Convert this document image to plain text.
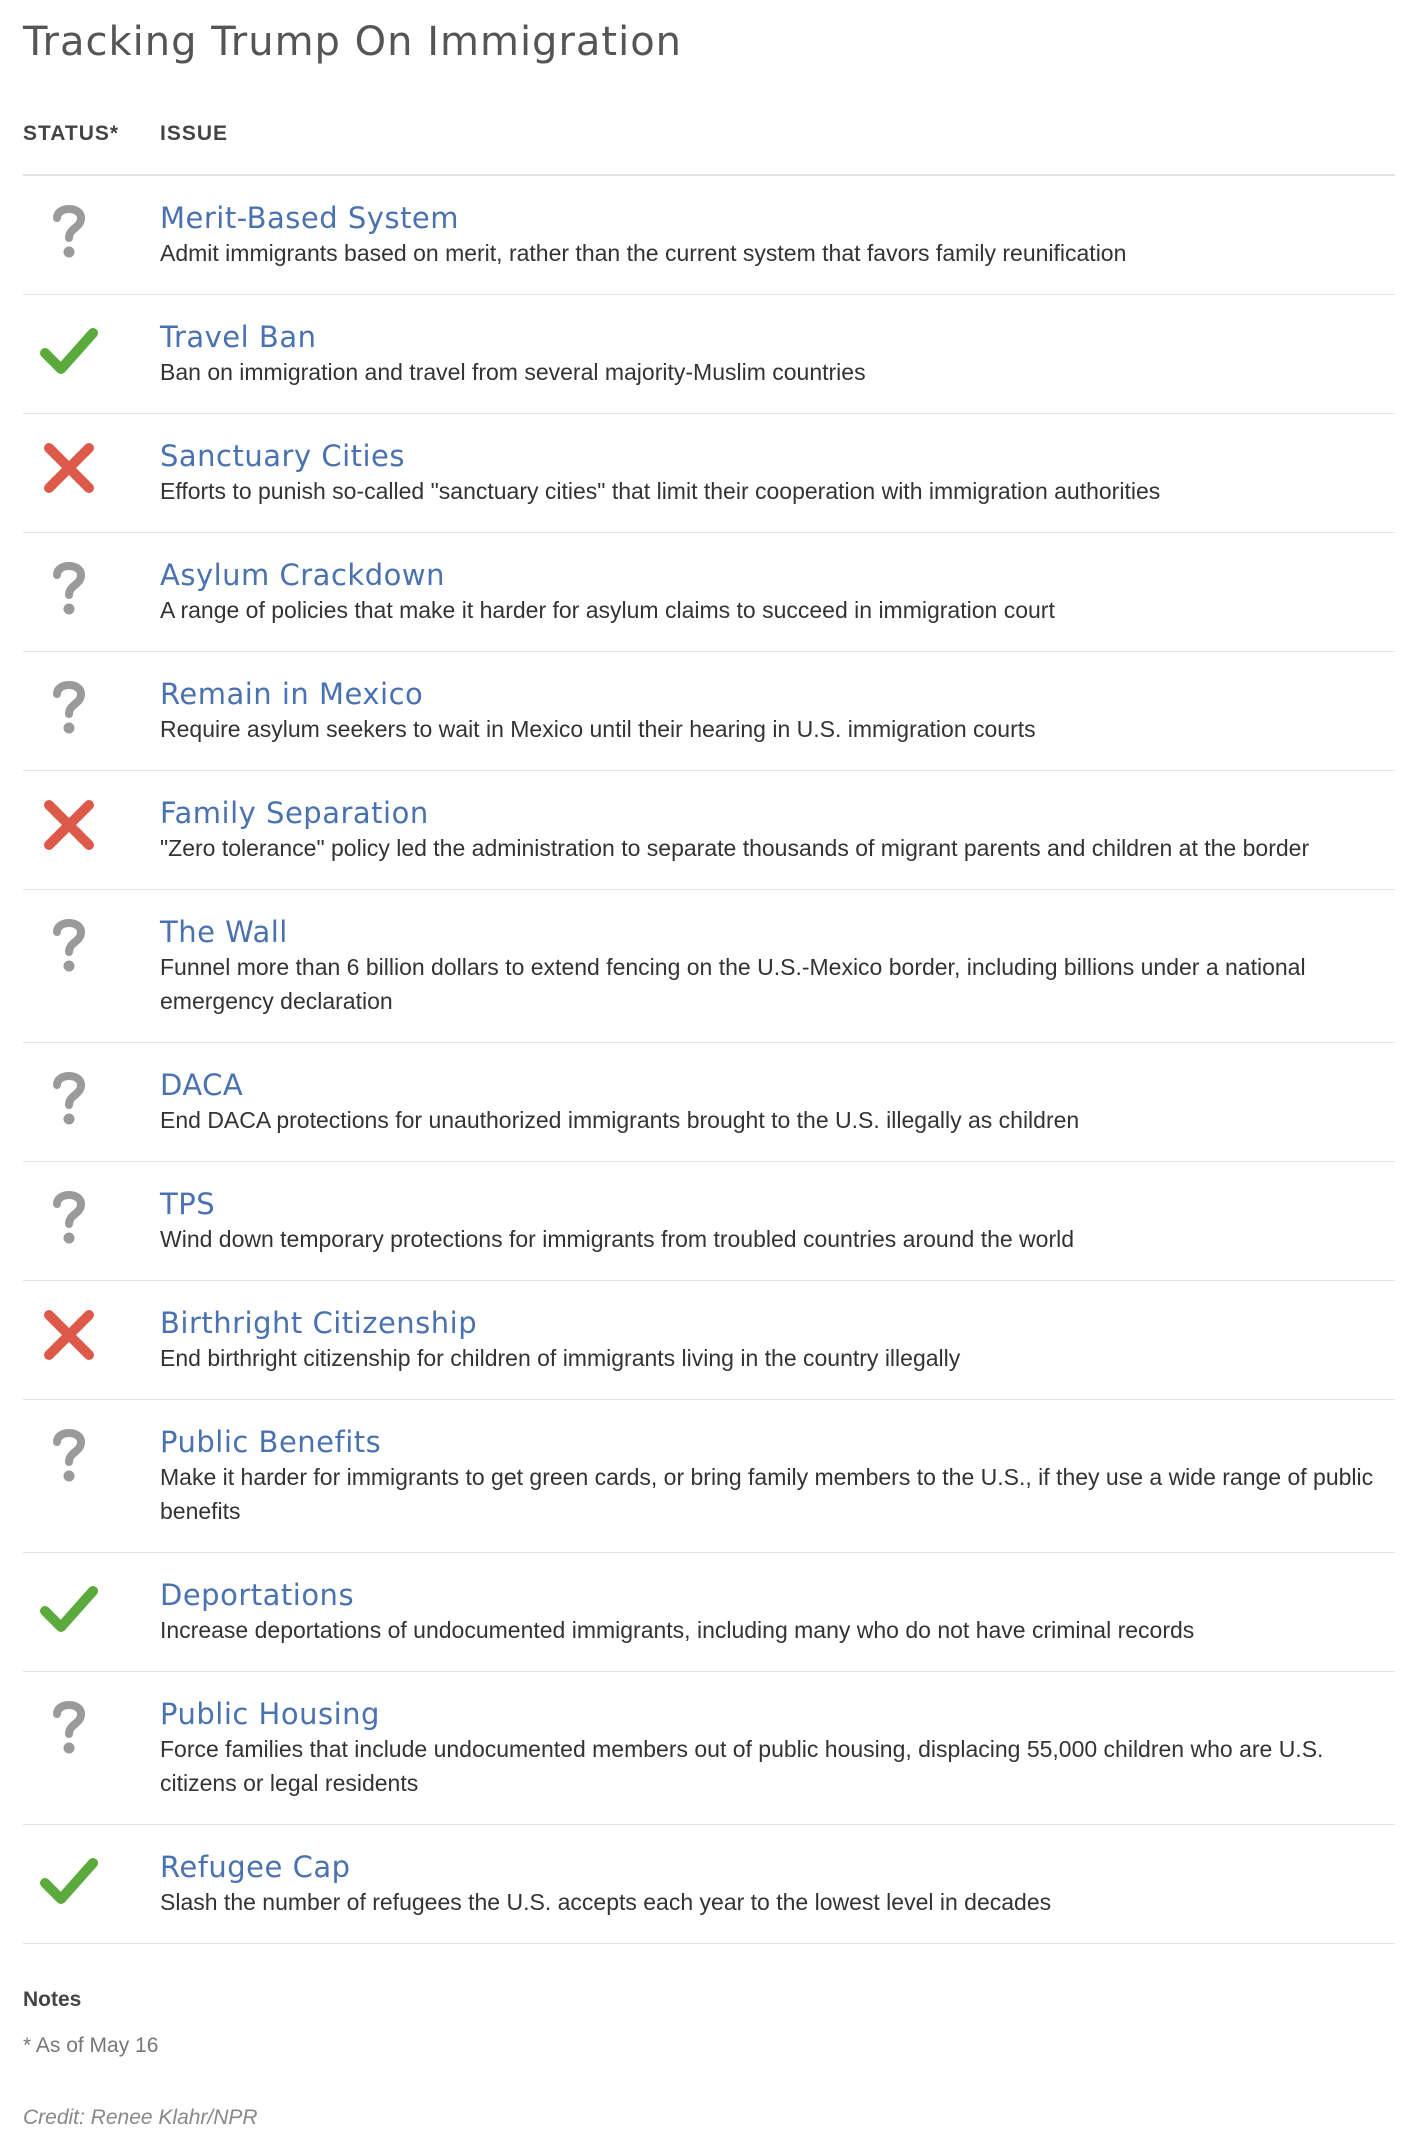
Tracking Trump On Immigration
STATUS*	ISSUE
Merit-Based System
Admit immigrants based on merit, rather than the current system that favors family reunification
Travel Ban
Ban on immigration and travel from several majority-Muslim countries
Sanctuary Cities
Efforts to punish so-called "sanctuary cities" that limit their cooperation with immigration authorities
Asylum Crackdown
A range of policies that make it harder for asylum claims to succeed in immigration court
Remain in Mexico
Require asylum seekers to wait in Mexico until their hearing in U.S. immigration courts
Family Separation
"Zero tolerance" policy led the administration to separate thousands of migrant parents and children at the border
The Wall
Funnel more than 6 billion dollars to extend fencing on the U.S.-Mexico border, including billions under a national emergency declaration
DACA
End DACA protections for unauthorized immigrants brought to the U.S. illegally as children
TPS
Wind down temporary protections for immigrants from troubled countries around the world
Birthright Citizenship
End birthright citizenship for children of immigrants living in the country illegally
Public Benefits
Make it harder for immigrants to get green cards, or bring family members to the U.S., if they use a wide range of public benefits
Deportations
Increase deportations of undocumented immigrants, including many who do not have criminal records
Public Housing
Force families that include undocumented members out of public housing, displacing 55,000 children who are U.S. citizens or legal residents
Refugee Cap
Slash the number of refugees the U.S. accepts each year to the lowest level in decades
Notes
* As of May 16
Credit: Renee Klahr/NPR
